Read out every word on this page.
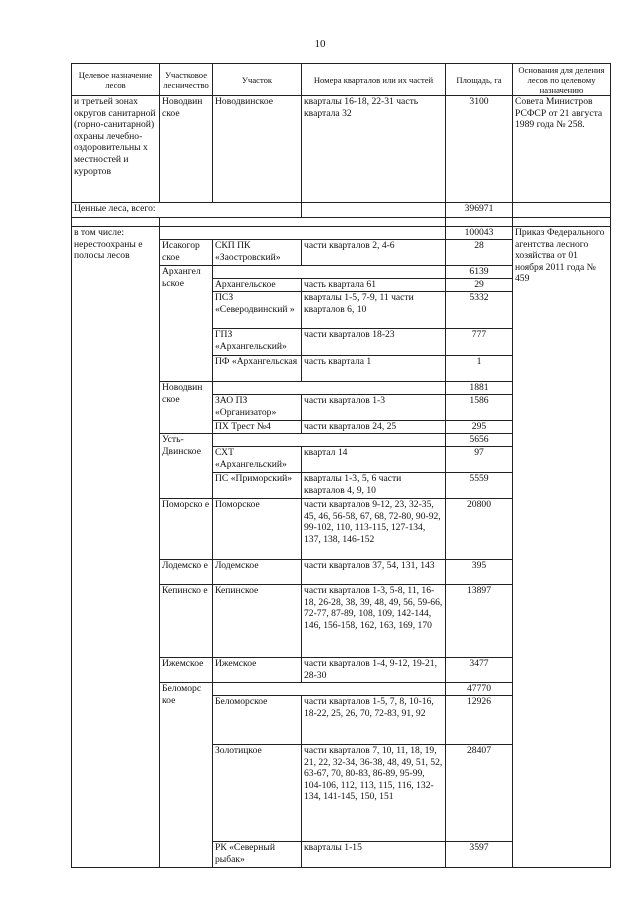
10
Целевое назначение лесов	Участковое лесничество	Участок	Номера кварталов или их частей	Площадь, га	Основания для деления лесов по целевому назначению
и третьей зонах округов санитарной (горно-санитарной) охраны лечебно-оздоровительны х местностей и курортов	Новодвин ское	Новодвинское	кварталы 16-18, 22-31 часть квартала 32	3100	Совета Министров РСФСР от 21 августа 1989 года № 258.
Ценные леса, всего:				396971	

в том числе:
нерестоохраны е полосы лесов				100043	Приказ Федерального агентства лесного хозяйства от 01 ноября 2011 года № 459
	Исакогор ское	СКП ПК «Заостровский»	части кварталов 2, 4-6	28	
	Архангел ьское			6139	
		Архангельское	часть квартала 61	29	
		ПСЗ «Северодвинский »	кварталы 1-5, 7-9, 11 части кварталов 6, 10	5332	
		ГПЗ «Архангельский»	части кварталов 18-23	777	
		ПФ «Архангельская	часть квартала 1	1	
	Новодвин ское			1881	
		ЗАО ПЗ «Организатор»	части кварталов 1-3	1586	
		ПХ Трест №4	части кварталов 24, 25	295	
	Усть-Двинское			5656	
		СХТ «Архангельский»	квартал 14	97	
		ПС «Приморский»	кварталы 1-3, 5, 6 части кварталов 4, 9, 10	5559	
	Поморско е	Поморское	части кварталов 9-12, 23, 32-35, 45, 46, 56-58, 67, 68, 72-80, 90-92, 99-102, 110, 113-115, 127-134, 137, 138, 146-152	20800	
	Лодемско е	Лодемское	части кварталов 37, 54, 131, 143	395	
	Кепинско е	Кепинское	части кварталов 1-3, 5-8, 11, 16-18, 26-28, 38, 39, 48, 49, 56, 59-66, 72-77, 87-89, 108, 109, 142-144, 146, 156-158, 162, 163, 169, 170	13897	
	Ижемское	Ижемское	части кварталов 1-4, 9-12, 19-21, 28-30	3477	
	Беломорс кое			47770	
		Беломорское	части кварталов 1-5, 7, 8, 10-16, 18-22, 25, 26, 70, 72-83, 91, 92	12926	
		Золотицкое	части кварталов 7, 10, 11, 18, 19, 21, 22, 32-34, 36-38, 48, 49, 51, 52, 63-67, 70, 80-83, 86-89, 95-99, 104-106, 112, 113, 115, 116, 132-134, 141-145, 150, 151	28407	
		РК «Северный рыбак»	кварталы 1-15	3597	
